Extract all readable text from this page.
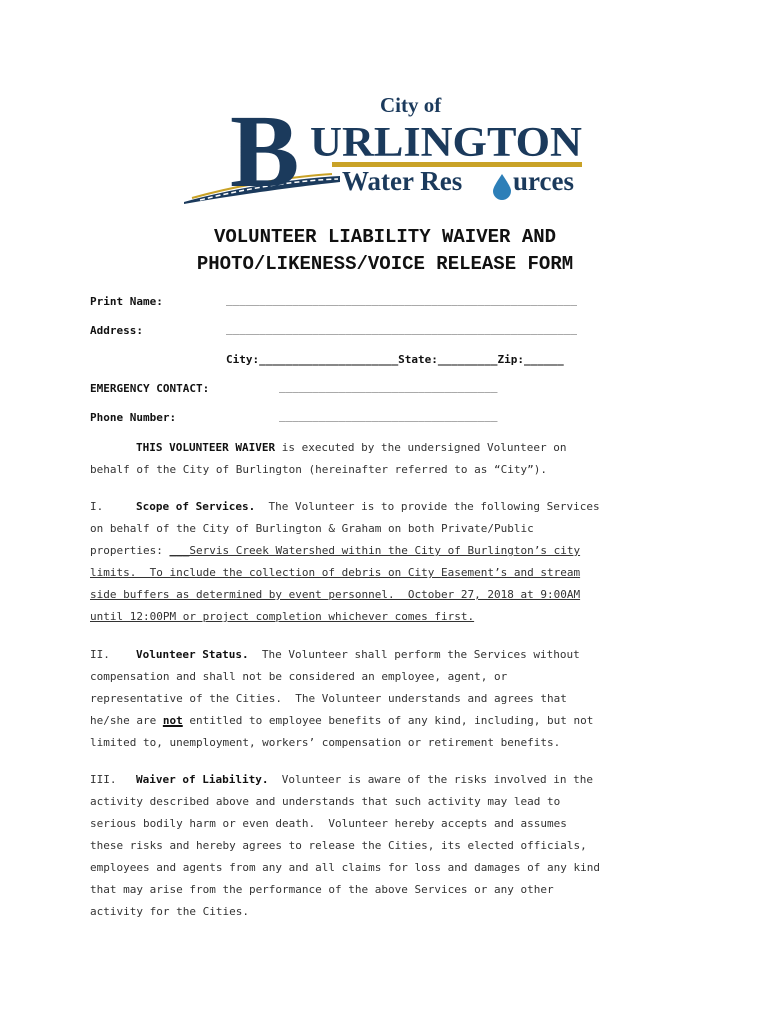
B	City of
URLINGTON
Water Res urces
VOLUNTEER LIABILITY WAIVER AND
PHOTO/LIKENESS/VOICE RELEASE FORM
Print Name:	_____________________________________________________
Address:	_____________________________________________________
City:_____________________State:_________Zip:______
EMERGENCY CONTACT:	_________________________________
Phone Number:	_________________________________
THIS VOLUNTEER WAIVER is executed by the undersigned Volunteer on
behalf of the City of Burlington (hereinafter referred to as “City”).
I.	Scope of Services.  The Volunteer is to provide the following Services
on behalf of the City of Burlington & Graham on both Private/Public
properties: ___Servis Creek Watershed within the City of Burlington’s city
limits.  To include the collection of debris on City Easement’s and stream
side buffers as determined by event personnel.  October 27, 2018 at 9:00AM
until 12:00PM or project completion whichever comes first.
II. Volunteer Status.  The Volunteer shall perform the Services without
compensation and shall not be considered an employee, agent, or
representative of the Cities.  The Volunteer understands and agrees that
he/she are not entitled to employee benefits of any kind, including, but not
limited to, unemployment, workers’ compensation or retirement benefits.
III. Waiver of Liability.  Volunteer is aware of the risks involved in the
activity described above and understands that such activity may lead to
serious bodily harm or even death.  Volunteer hereby accepts and assumes
these risks and hereby agrees to release the Cities, its elected officials,
employees and agents from any and all claims for loss and damages of any kind
that may arise from the performance of the above Services or any other
activity for the Cities.
